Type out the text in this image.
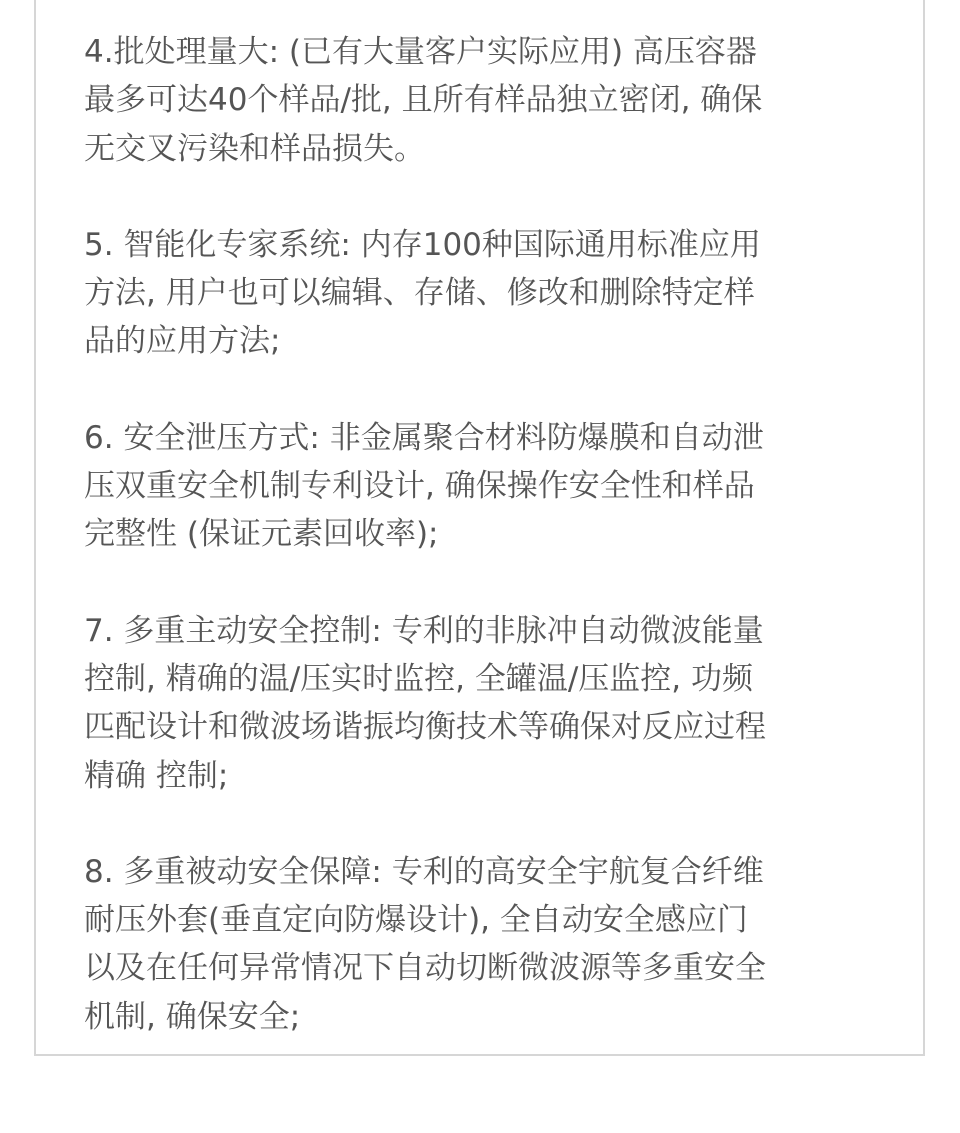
4.批处理量大: (已有大量客户实际应用) 高压容器
最多可达40个样品/批, 且所有样品独立密闭, 确保
无交叉污染和样品损失。
5. 智能化专家系统: 内存100种国际通用标准应用
方法, 用户也可以编辑、存储、修改和删除特定样
品的应用方法;
6. 安全泄压方式: 非金属聚合材料防爆膜和自动泄
压双重安全机制专利设计, 确保操作安全性和样品
完整性 (保证元素回收率);
7. 多重主动安全控制: 专利的非脉冲自动微波能量
控制, 精确的温/压实时监控, 全罐温/压监控, 功频
匹配设计和微波场谐振均衡技术等确保对反应过程
精确 控制;
8. 多重被动安全保障: 专利的高安全宇航复合纤维
耐压外套(垂直定向防爆设计), 全自动安全感应门
以及在任何异常情况下自动切断微波源等多重安全
机制, 确保安全;
